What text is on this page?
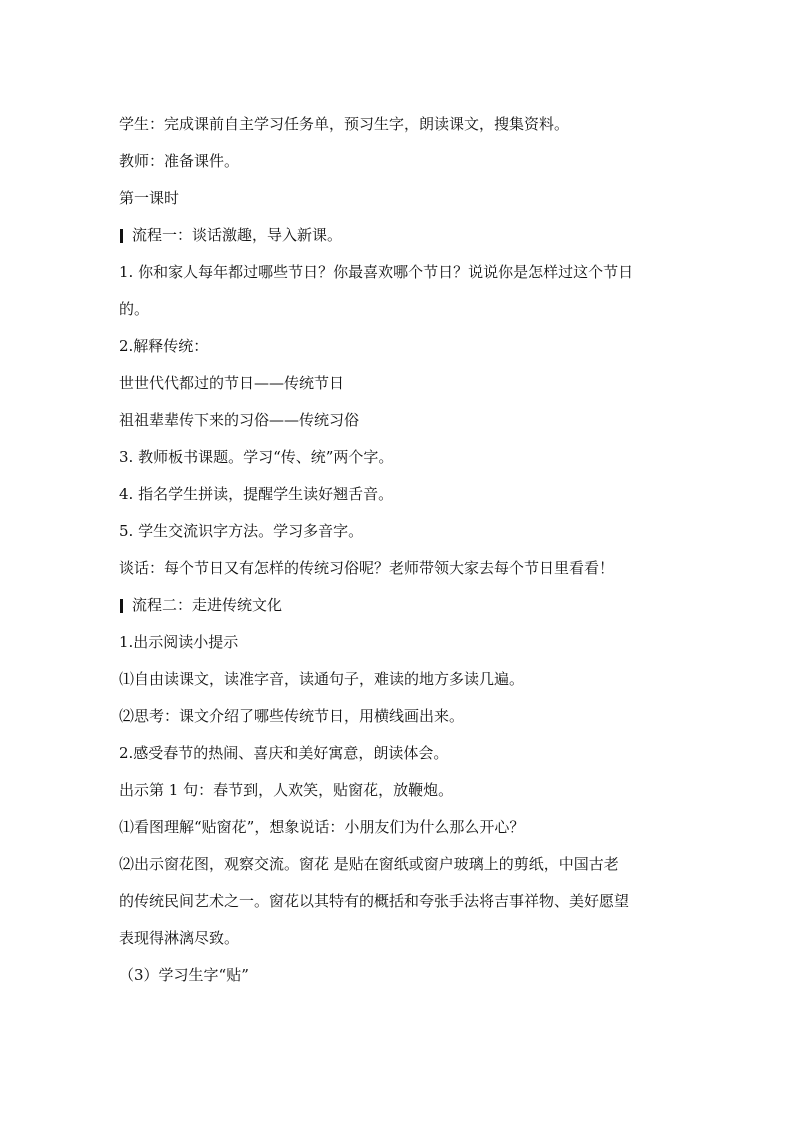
学生：完成课前自主学习任务单，预习生字，朗读课文，搜集资料。

教师：准备课件。

第一课时

流程一：谈话激趣，导入新课。

1. 你和家人每年都过哪些节日？你最喜欢哪个节日？说说你是怎样过这个节日

的。

2.解释传统：

世世代代都过的节日——传统节日

祖祖辈辈传下来的习俗——传统习俗

3. 教师板书课题。学习“传、统”两个字。

4. 指名学生拼读，提醒学生读好翘舌音。

5. 学生交流识字方法。学习多音字。

谈话：每个节日又有怎样的传统习俗呢？老师带领大家去每个节日里看看！

流程二：走进传统文化

1.出示阅读小提示

⑴自由读课文，读准字音，读通句子，难读的地方多读几遍。

⑵思考：课文介绍了哪些传统节日，用横线画出来。

2.感受春节的热闹、喜庆和美好寓意，朗读体会。

出示第 1 句：春节到，人欢笑，贴窗花，放鞭炮。

⑴看图理解“贴窗花”，想象说话：小朋友们为什么那么开心？

⑵出示窗花图，观察交流。窗花 是贴在窗纸或窗户玻璃上的剪纸，中国古老

的传统民间艺术之一。窗花以其特有的概括和夸张手法将吉事祥物、美好愿望

表现得淋漓尽致。

（3）学习生字“贴”
